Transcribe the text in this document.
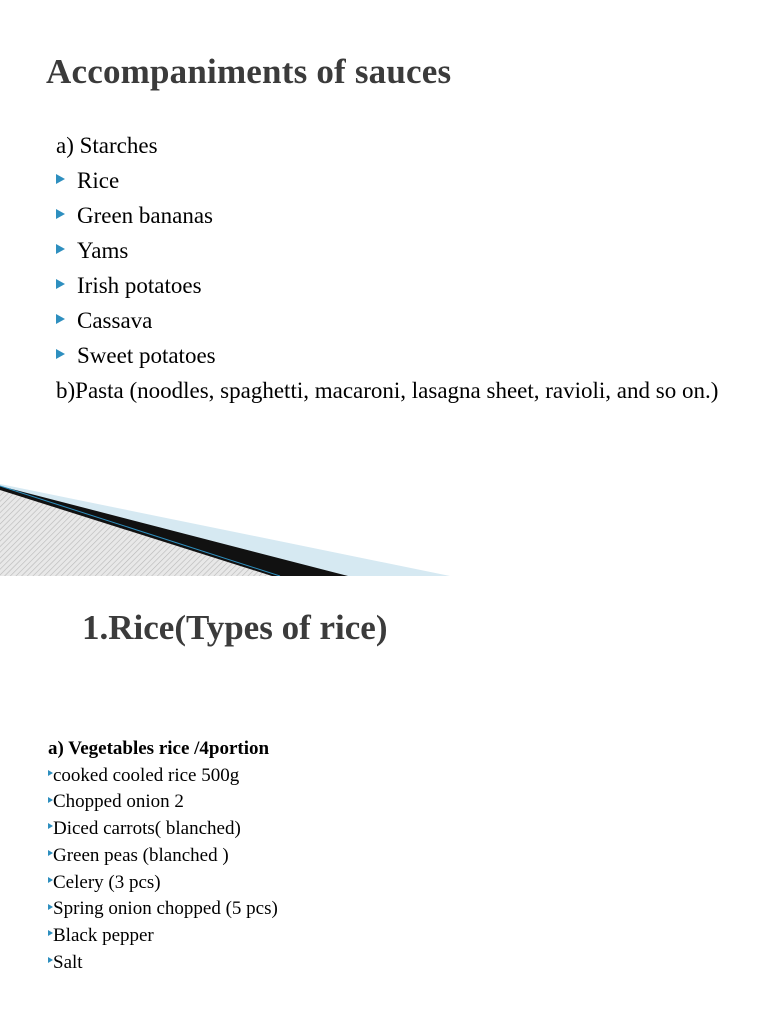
Accompaniments of sauces
a) Starches
Rice
Green bananas
Yams
Irish potatoes
Cassava
Sweet potatoes
b) Pasta (noodles, spaghetti, macaroni, lasagna sheet, ravioli, and so on.)
1.Rice(Types of rice)
a) Vegetables rice /4portion
cooked cooled rice 500g
Chopped onion 2
Diced carrots( blanched)
Green peas (blanched )
Celery (3 pcs)
Spring onion chopped (5 pcs)
Black pepper
Salt
